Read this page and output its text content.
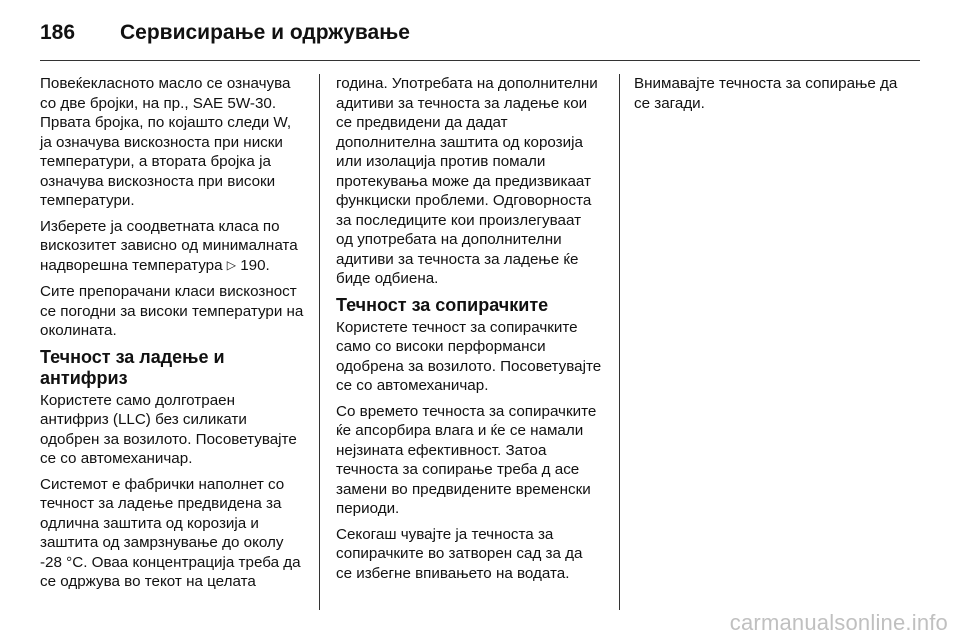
186 Сервисирање и одржување

Повеќекласното масло се означува со две бројки, на пр., SAE 5W-30. Првата бројка, по којашто следи W, ја означува вискозноста при ниски температури, а втората бројка ја означува вискозноста при високи температури.

Изберете ја соодветната класа по вискозитет зависно од минималната надворешна температура ▷ 190.

Сите препорачани класи вискозност се погодни за високи температури на околината.

Течност за ладење и антифриз

Користете само долготраен антифриз (LLC) без силикати одобрен за возилото. Посоветувајте се со автомеханичар.

Системот е фабрички наполнет со течност за ладење предвидена за одлична заштита од корозија и заштита од замрзнување до околу -28 °C. Оваа концентрација треба да се одржува во текот на целата

година. Употребата на дополнителни адитиви за течноста за ладење кои се предвидени да дадат дополнителна заштита од корозија или изолација против помали протекувања може да предизвикаат функциски проблеми. Одговорноста за последиците кои произлегуваат од употребата на дополнителни адитиви за течноста за ладење ќе биде одбиена.

Течност за сопирачките

Користете течност за сопирачките само со високи перформанси одобрена за возилото. Посоветувајте се со автомеханичар.

Со времето течноста за сопирачките ќе апсорбира влага и ќе се намали нејзината ефективност. Затоа течноста за сопирање треба д асе замени во предвидените временски периоди.

Секогаш чувајте ја течноста за сопирачките во затворен сад за да се избегне впивањето на водата.

Внимавајте течноста за сопирање да се загади.

carmanualsonline.info
